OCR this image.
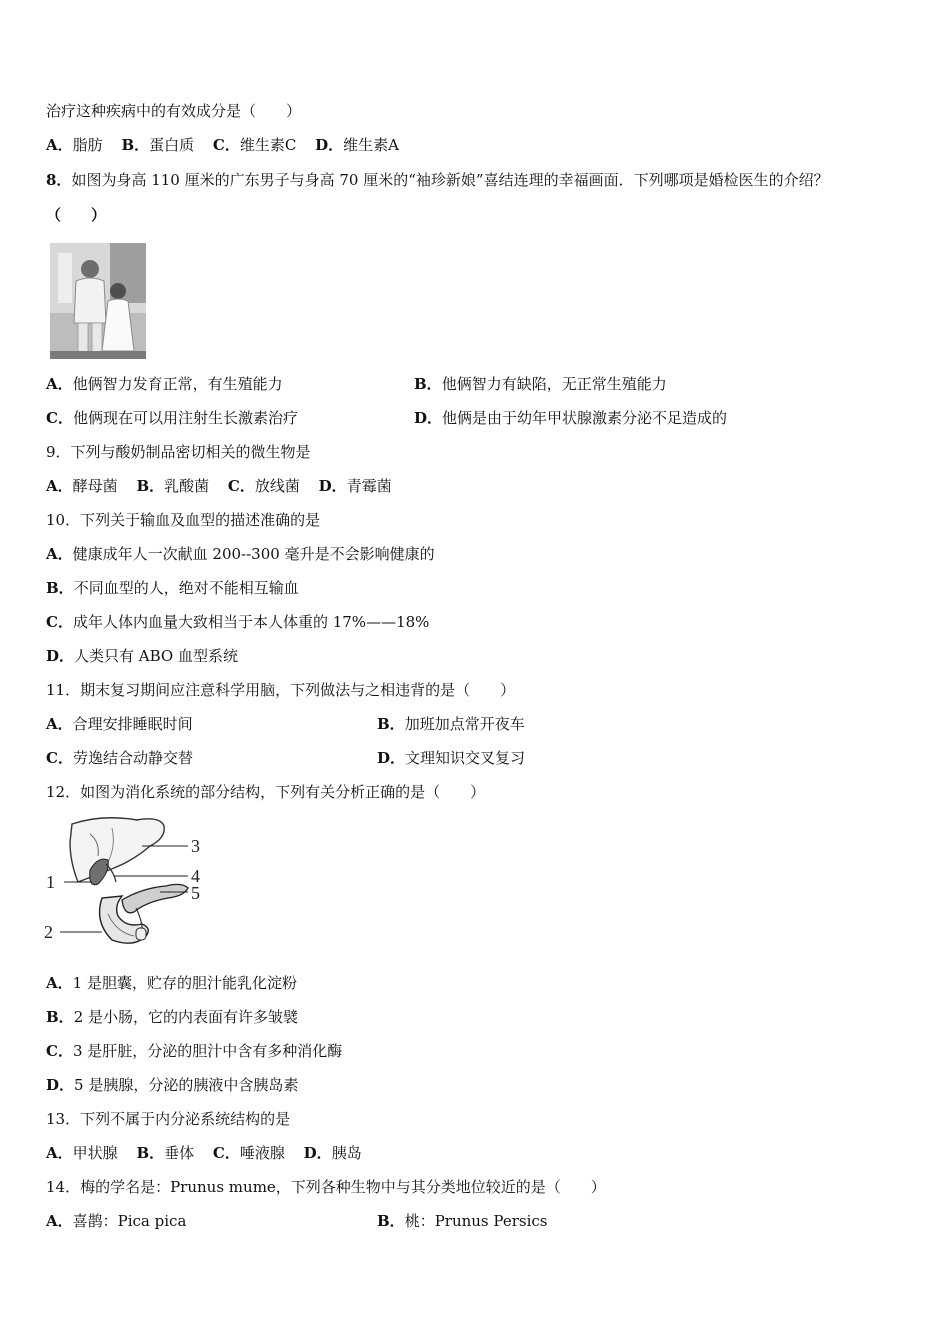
治疗这种疾病中的有效成分是（　　）
A．脂肪 B．蛋白质 C．维生素C D．维生素A
8．如图为身高 110 厘米的广东男子与身高 70 厘米的“袖珍新娘”喜结连理的幸福画面．下列哪项是婚检医生的介绍？
（　　）
A．他俩智力发育正常，有生殖能力	B．他俩智力有缺陷，无正常生殖能力
C．他俩现在可以用注射生长激素治疗	D．他俩是由于幼年甲状腺激素分泌不足造成的
9．下列与酸奶制品密切相关的微生物是
A．酵母菌 B．乳酸菌 C．放线菌 D．青霉菌
10．下列关于输血及血型的描述准确的是
A．健康成年人一次献血 200--300 毫升是不会影响健康的
B．不同血型的人，绝对不能相互输血
C．成年人体内血量大致相当于本人体重的 17%——18%
D．人类只有 ABO 血型系统
11．期末复习期间应注意科学用脑，下列做法与之相违背的是（　　）
A．合理安排睡眠时间	B．加班加点常开夜车
C．劳逸结合动静交替	D．文理知识交叉复习
12．如图为消化系统的部分结构，下列有关分析正确的是（　　）
1
2
3
4
5
A．1 是胆囊，贮存的胆汁能乳化淀粉
B．2 是小肠，它的内表面有许多皱襞
C．3 是肝脏，分泌的胆汁中含有多种消化酶
D．5 是胰腺，分泌的胰液中含胰岛素
13．下列不属于内分泌系统结构的是
A．甲状腺 B．垂体 C．唾液腺 D．胰岛
14．梅的学名是：Prunus mume，下列各种生物中与其分类地位较近的是（　　）
A．喜鹊：Pica pica	B．桃：Prunus Persics
